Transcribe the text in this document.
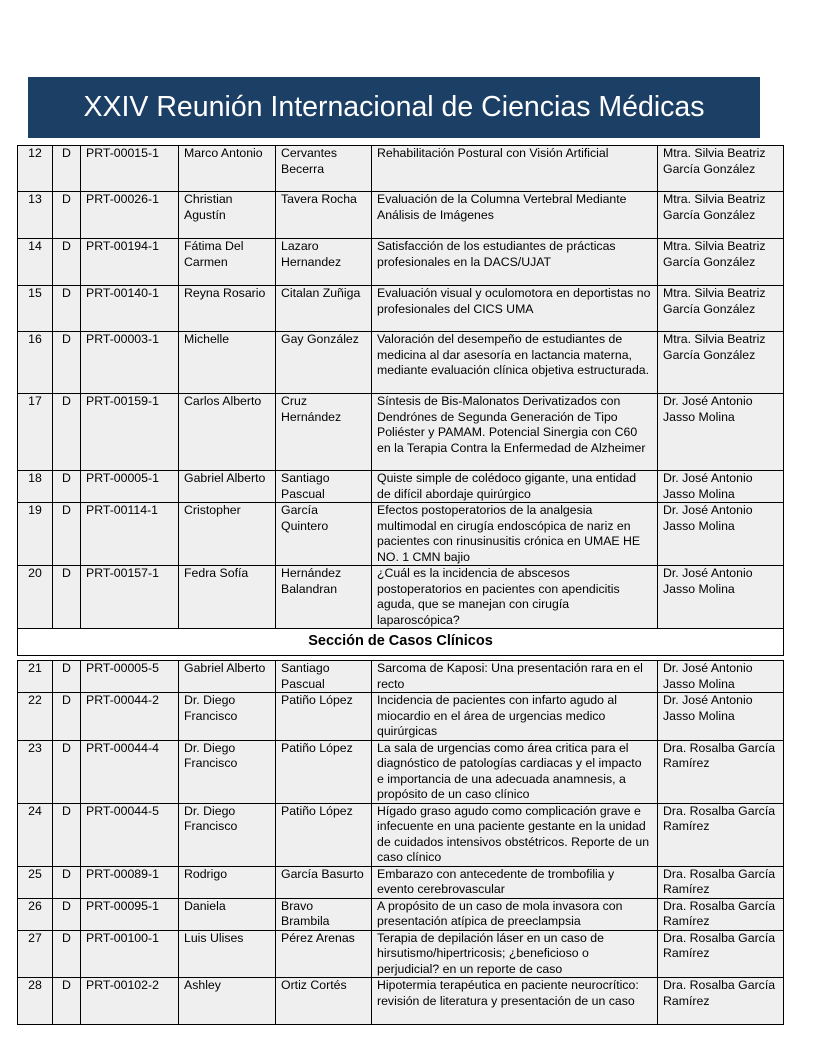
XXIV Reunión Internacional de Ciencias Médicas
12	D	PRT-00015-1	Marco Antonio	Cervantes Becerra	Rehabilitación Postural con Visión Artificial	Mtra. Silvia Beatriz García González
13	D	PRT-00026-1	Christian Agustín	Tavera Rocha	Evaluación de la Columna Vertebral Mediante Análisis de Imágenes	Mtra. Silvia Beatriz García González
14	D	PRT-00194-1	Fátima Del Carmen	Lazaro Hernandez	Satisfacción de los estudiantes de prácticas profesionales en la DACS/UJAT	Mtra. Silvia Beatriz García González
15	D	PRT-00140-1	Reyna Rosario	Citalan Zuñiga	Evaluación visual y oculomotora en deportistas no profesionales del CICS UMA	Mtra. Silvia Beatriz García González
16	D	PRT-00003-1	Michelle	Gay González	Valoración del desempeño de estudiantes de medicina al dar asesoría en lactancia materna, mediante evaluación clínica objetiva estructurada.	Mtra. Silvia Beatriz García González
17	D	PRT-00159-1	Carlos Alberto	Cruz Hernández	Síntesis de Bis-Malonatos Derivatizados con Dendrónes de Segunda Generación de Tipo Poliéster y PAMAM. Potencial Sinergia con C60 en la Terapia Contra la Enfermedad de Alzheimer	Dr. José Antonio Jasso Molina
18	D	PRT-00005-1	Gabriel Alberto	Santiago Pascual	Quiste simple de colédoco gigante, una entidad de difícil abordaje quirúrgico	Dr. José Antonio Jasso Molina
19	D	PRT-00114-1	Cristopher	García Quintero	Efectos postoperatorios de la analgesia multimodal en cirugía endoscópica de nariz en pacientes con rinusinusitis crónica en UMAE HE NO. 1 CMN bajio	Dr. José Antonio Jasso Molina
20	D	PRT-00157-1	Fedra Sofía	Hernández Balandran	¿Cuál es la incidencia de abscesos postoperatorios en pacientes con apendicitis aguda, que se manejan con cirugía laparoscópica?	Dr. José Antonio Jasso Molina
Sección de Casos Clínicos						

21	D	PRT-00005-5	Gabriel Alberto	Santiago Pascual	Sarcoma de Kaposi: Una presentación rara en el recto	Dr. José Antonio Jasso Molina
22	D	PRT-00044-2	Dr. Diego Francisco	Patiño López	Incidencia de pacientes con infarto agudo al miocardio en el área de urgencias medico quirúrgicas	Dr. José Antonio Jasso Molina
23	D	PRT-00044-4	Dr. Diego Francisco	Patiño López	La sala de urgencias como área critica para el diagnóstico de patologías cardiacas y el impacto e importancia de una adecuada anamnesis, a propósito de un caso clínico	Dra. Rosalba García Ramírez
24	D	PRT-00044-5	Dr. Diego Francisco	Patiño López	Hígado graso agudo como complicación grave e infecuente en una paciente gestante en la unidad de cuidados intensivos obstétricos. Reporte de un caso clínico	Dra. Rosalba García Ramírez
25	D	PRT-00089-1	Rodrigo	García Basurto	Embarazo con antecedente de trombofilia y evento cerebrovascular	Dra. Rosalba García Ramírez
26	D	PRT-00095-1	Daniela	Bravo Brambila	A propósito de un caso de mola invasora con presentación atípica de preeclampsia	Dra. Rosalba García Ramírez
27	D	PRT-00100-1	Luis Ulises	Pérez Arenas	Terapia de depilación láser en un caso de hirsutismo/hipertricosis; ¿beneficioso o perjudicial? en un reporte de caso	Dra. Rosalba García Ramírez
28	D	PRT-00102-2	Ashley	Ortiz Cortés	Hipotermia terapéutica en paciente neurocrítico: revisión de literatura y presentación de un caso	Dra. Rosalba García Ramírez
